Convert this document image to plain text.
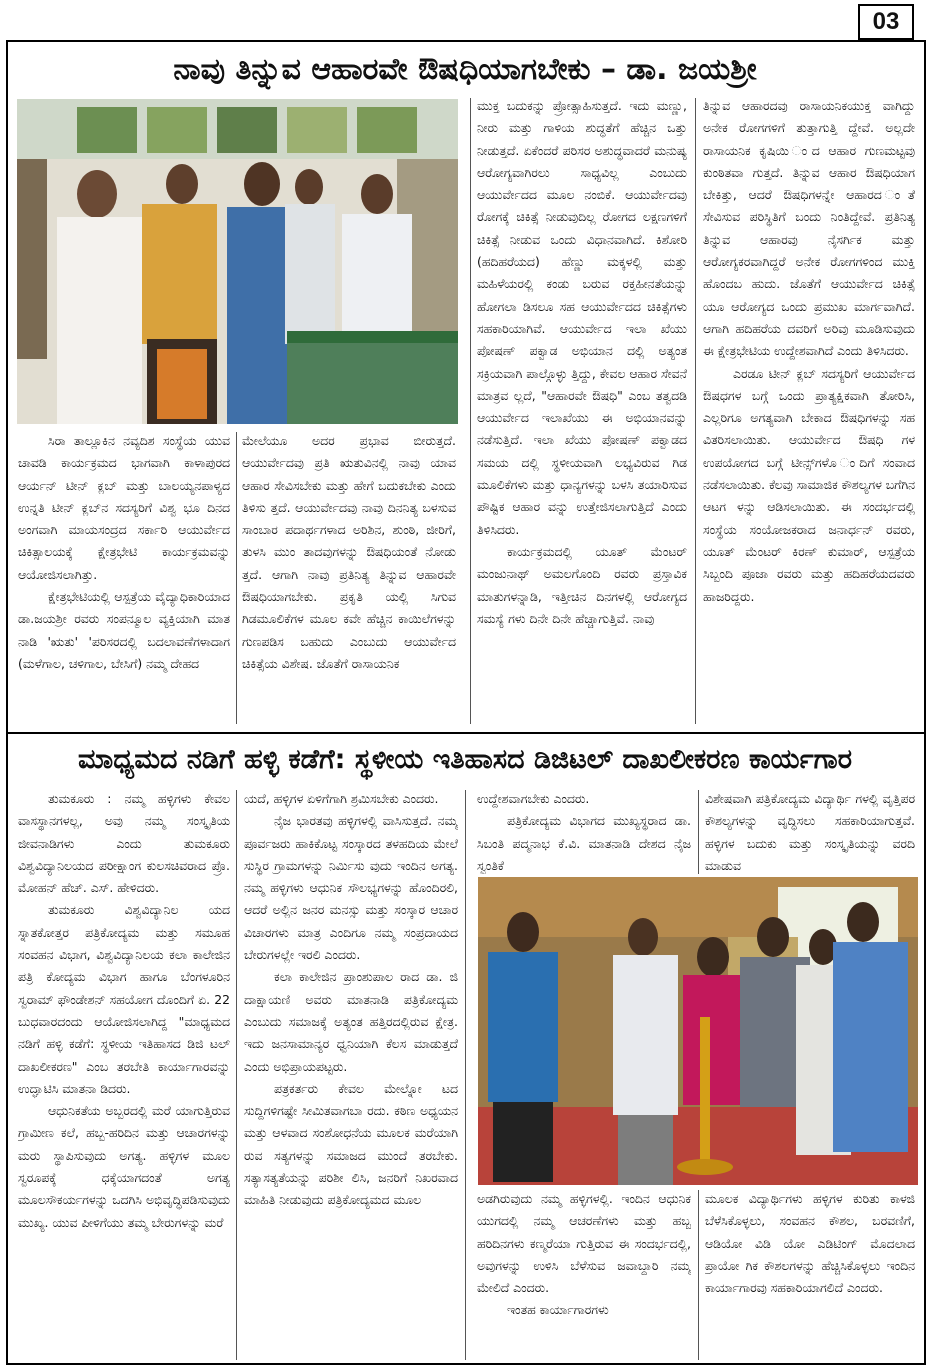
03
ನಾವು ತಿನ್ನುವ ಆಹಾರವೇ ಔಷಧಿಯಾಗಬೇಕು – ಡಾ. ಜಯಶ್ರೀ

ಸಿರಾ ತಾಲ್ಲೂಕಿನ ನವ್ಯದಿಶ ಸಂಸ್ಥೆಯ ಯುವ ಚಾವಡಿ ಕಾರ್ಯಕ್ರಮದ ಭಾಗವಾಗಿ ಕಾಳಾಪುರದ ಆರ್ಯನ್ ಟೀನ್ ಕ್ಲಬ್ ಮತ್ತು ಬಾಲಯ್ಯನಪಾಳ್ಯದ ಉನ್ನತಿ ಟೀನ್ ಕ್ಲಬ್‌ನ ಸದಸ್ಯರಿಗೆ ವಿಶ್ವ ಭೂ ದಿನದ ಅಂಗವಾಗಿ ಮಾಯಸಂದ್ರದ ಸರ್ಕಾರಿ ಆಯುರ್ವೇದ ಚಿಕಿತ್ಸಾಲಯಕ್ಕೆ ಕ್ಷೇತ್ರಭೇಟಿ ಕಾರ್ಯಕ್ರಮವನ್ನು ಆಯೋಜಿಸಲಾಗಿತ್ತು.

ಕ್ಷೇತ್ರಭೇಟಿಯಲ್ಲಿ ಆಸ್ಪತ್ರೆಯ ವೈದ್ಯಾಧಿಕಾರಿಯಾದ ಡಾ.ಜಯಶ್ರೀ ರವರು ಸಂಪನ್ಮೂಲ ವ್ಯಕ್ತಿಯಾಗಿ ಮಾತ ನಾಡಿ 'ಋತು' 'ಪರಿಸರದಲ್ಲಿ ಬದಲಾವಣೆಗಳಾದಾಗ (ಮಳೆಗಾಲ, ಚಳಿಗಾಲ, ಬೇಸಿಗೆ) ನಮ್ಮ ದೇಹದ

ಮೇಲೆಯೂ ಅದರ ಪ್ರಭಾವ ಬೀರುತ್ತದೆ. ಆಯುರ್ವೇದವು ಪ್ರತಿ ಋತುವಿನಲ್ಲಿ ನಾವು ಯಾವ ಆಹಾರ ಸೇವಿಸಬೇಕು ಮತ್ತು ಹೇಗೆ ಬದುಕಬೇಕು ಎಂದು ತಿಳಿಸು ತ್ತದೆ. ಆಯುರ್ವೇದವು ನಾವು ದಿನನಿತ್ಯ ಬಳಸುವ ಸಾಂಬಾರ ಪದಾರ್ಥಗಳಾದ ಅರಿಶಿನ, ಶುಂಠಿ, ಜೀರಿಗೆ, ತುಳಸಿ ಮುಂ ತಾದವುಗಳನ್ನು ಔಷಧಿಯಂತೆ ನೋಡು ತ್ತದೆ. ಆಗಾಗಿ ನಾವು ಪ್ರತಿನಿತ್ಯ ತಿನ್ನುವ ಆಹಾರವೇ ಔಷಧಿಯಾಗಬೇಕು. ಪ್ರಕೃತಿ ಯಲ್ಲಿ ಸಿಗುವ ಗಿಡಮೂಲಿಕೆಗಳ ಮೂಲ ಕವೇ ಹೆಚ್ಚಿನ ಕಾಯಿಲೆಗಳನ್ನು ಗುಣಪಡಿಸ ಬಹುದು ಎಂಬುದು ಆಯುರ್ವೇದ ಚಿಕಿತ್ಸೆಯ ವಿಶೇಷ. ಜೊತೆಗೆ ರಾಸಾಯನಿಕ

ಮುಕ್ತ ಬದುಕನ್ನು ಪ್ರೋತ್ಸಾಹಿಸುತ್ತದೆ. ಇದು ಮಣ್ಣು, ನೀರು ಮತ್ತು ಗಾಳಿಯ ಶುದ್ಧತೆಗೆ ಹೆಚ್ಚಿನ ಒತ್ತು ನೀಡುತ್ತದೆ. ಏಕೆಂದರೆ ಪರಿಸರ ಅಶುದ್ಧವಾದರೆ ಮನುಷ್ಯ ಆರೋಗ್ಯವಾಗಿರಲು ಸಾಧ್ಯವಿಲ್ಲ ಎಂಬುದು ಆಯುರ್ವೇದದ ಮೂಲ ನಂಬಿಕೆ. ಆಯುರ್ವೇದವು ರೋಗಕ್ಕೆ ಚಿಕಿತ್ಸೆ ನೀಡುವುದಿಲ್ಲ ರೋಗದ ಲಕ್ಷಣಗಳಿಗೆ ಚಿಕಿತ್ಸೆ ನೀಡುವ ಒಂದು ವಿಧಾನವಾಗಿದೆ. ಕಿಶೋರಿ (ಹದಿಹರೆಯದ) ಹೆಣ್ಣು ಮಕ್ಕಳಲ್ಲಿ ಮತ್ತು ಮಹಿಳೆಯರಲ್ಲಿ ಕಂಡು ಬರುವ ರಕ್ತಹೀನತೆಯನ್ನು ಹೋಗಲಾ ಡಿಸಲೂ ಸಹ ಆಯುರ್ವೇದದ ಚಿಕಿತ್ಸೆಗಳು ಸಹಕಾರಿಯಾಗಿವೆ. ಆಯುರ್ವೇದ ಇಲಾ ಖೆಯು ಪೋಷಣ್ ಪಕ್ವಾಡ ಅಭಿಯಾನ ದಲ್ಲಿ ಅತ್ಯಂತ ಸಕ್ರಿಯವಾಗಿ ಪಾಲ್ಗೊಳ್ಳು ತ್ತಿದ್ದು, ಕೇವಲ ಆಹಾರ ಸೇವನೆ ಮಾತ್ರವ ಲ್ಲದೆ, "ಆಹಾರವೇ ಔಷಧಿ" ಎಂಬ ತತ್ವದಡಿ ಆಯುರ್ವೇದ ಇಲಾಖೆಯು ಈ ಅಭಿಯಾನವನ್ನು ನಡೆಸುತ್ತಿದೆ. ಇಲಾ ಖೆಯು ಪೋಷಣ್ ಪಕ್ವಾಡದ ಸಮಯ ದಲ್ಲಿ ಸ್ಥಳೀಯವಾಗಿ ಲಭ್ಯವಿರುವ ಗಿಡ ಮೂಲಿಕೆಗಳು ಮತ್ತು ಧಾನ್ಯಗಳನ್ನು ಬಳಸಿ ತಯಾರಿಸುವ ಪೌಷ್ಟಿಕ ಆಹಾರ ವನ್ನು ಉತ್ತೇಜಿಸಲಾಗುತ್ತಿದೆ ಎಂದು ತಿಳಿಸಿದರು.

ಕಾರ್ಯಕ್ರಮದಲ್ಲಿ ಯೂತ್ ಮೆಂಟರ್ ಮಂಜುನಾಥ್ ಅಮಲಗೊಂದಿ ರವರು ಪ್ರಸ್ತಾವಿಕ ಮಾತುಗಳನ್ನಾಡಿ, ಇತ್ತೀಚಿನ ದಿನಗಳಲ್ಲಿ ಆರೋಗ್ಯದ ಸಮಸ್ಯೆ ಗಳು ದಿನೇ ದಿನೇ ಹೆಚ್ಚಾಗುತ್ತಿವೆ. ನಾವು

ತಿನ್ನುವ ಆಹಾರದವು ರಾಸಾಯನಿಕಯುಕ್ತ ವಾಗಿದ್ದು ಅನೇಕ ರೋಗಗಳಿಗೆ ತುತ್ತಾಗುತ್ತಿ ದ್ದೇವೆ. ಅಲ್ಲದೇ ರಾಸಾಯನಿಕ ಕೃಷಿಯಿ ಂದ ಆಹಾರ ಗುಣಮಟ್ಟವು ಕುಂಠಿತವಾ ಗುತ್ತದೆ. ತಿನ್ನುವ ಆಹಾರ ಔಷಧಿಯಾಗ ಬೇಕಿತ್ತು, ಆದರೆ ಔಷಧಿಗಳನ್ನೇ ಆಹಾರದ ಂತೆ ಸೇವಿಸುವ ಪರಿಸ್ಥಿತಿಗೆ ಬಂದು ನಿಂತಿದ್ದೇವೆ. ಪ್ರತಿನಿತ್ಯ ತಿನ್ನುವ ಆಹಾರವು ನೈಸರ್ಗಿಕ ಮತ್ತು ಆರೋಗ್ಯಕರವಾಗಿದ್ದರೆ ಅನೇಕ ರೋಗಗಳಿಂದ ಮುಕ್ತಿ ಹೊಂದಬ ಹುದು. ಜೊತೆಗೆ ಆಯುರ್ವೇದ ಚಿಕಿತ್ಸೆ ಯೂ ಆರೋಗ್ಯದ ಒಂದು ಪ್ರಮುಖ ಮಾರ್ಗವಾಗಿದೆ. ಆಗಾಗಿ ಹದಿಹರೆಯ ದವರಿಗೆ ಅರಿವು ಮೂಡಿಸುವುದು ಈ ಕ್ಷೇತ್ರಭೇಟಿಯ ಉದ್ದೇಶವಾಗಿದೆ ಎಂದು ತಿಳಿಸಿದರು.

ಎರಡೂ ಟೀನ್ ಕ್ಲಬ್ ಸದಸ್ಯರಿಗೆ ಆಯುರ್ವೇದ ಔಷಧಗಳ ಬಗ್ಗೆ ಒಂದು ಪ್ರಾತ್ಯಕ್ಷಿಕವಾಗಿ ತೋರಿಸಿ, ಎಲ್ಲರಿಗೂ ಅಗತ್ಯವಾಗಿ ಬೇಕಾದ ಔಷಧಿಗಳನ್ನು ಸಹ ವಿತರಿಸಲಾಯಿತು. ಆಯುರ್ವೇದ ಔಷಧಿ ಗಳ ಉಪಯೋಗದ ಬಗ್ಗೆ ಟೀನ್ಸ್‌ಗಳೊ ಂದಿಗೆ ಸಂವಾದ ನಡೆಸಲಾಯಿತು. ಕೆಲವು ಸಾಮಾಜಿಕ ಕೌಶಲ್ಯಗಳ ಬಗೆಗಿನ ಆಟಗ ಳನ್ನು ಆಡಿಸಲಾಯಿತು. ಈ ಸಂದರ್ಭದಲ್ಲಿ ಸಂಸ್ಥೆಯ ಸಂಯೋಜಕರಾದ ಜನಾರ್ಧನ್ ರವರು, ಯೂತ್ ಮೆಂಟರ್ ಕಿರಣ್ ಕುಮಾರ್, ಆಸ್ಪತ್ರೆಯ ಸಿಬ್ಬಂದಿ ಪೂಜಾ ರವರು ಮತ್ತು ಹದಿಹರೆಯದವರು ಹಾಜರಿದ್ದರು.

ಮಾಧ್ಯಮದ ನಡಿಗೆ ಹಳ್ಳಿ ಕಡೆಗೆ: ಸ್ಥಳೀಯ ಇತಿಹಾಸದ ಡಿಜಿಟಲ್ ದಾಖಲೀಕರಣ ಕಾರ್ಯಗಾರ

ತುಮಕೂರು : ನಮ್ಮ ಹಳ್ಳಿಗಳು ಕೇವಲ ವಾಸಸ್ಥಾನಗಳಲ್ಲ, ಅವು ನಮ್ಮ ಸಂಸ್ಕೃತಿಯ ಜೀವನಾಡಿಗಳು ಎಂದು ತುಮಕೂರು ವಿಶ್ವವಿದ್ಯಾನಿಲಯದ ಪರೀಕ್ಷಾಂಗ ಕುಲಸಚಿವರಾದ ಪ್ರೊ. ಮೋಹನ್ ಹೆಚ್. ಎಸ್. ಹೇಳಿದರು.

ತುಮಕೂರು ವಿಶ್ವವಿದ್ಯಾನಿಲ ಯದ ಸ್ನಾತಕೋತ್ತರ ಪತ್ರಿಕೋದ್ಯಮ ಮತ್ತು ಸಮೂಹ ಸಂವಹನ ವಿಭಾಗ, ವಿಶ್ವವಿದ್ಯಾನಿಲಯ ಕಲಾ ಕಾಲೇಜಿನ ಪತ್ರಿ ಕೋದ್ಯಮ ವಿಭಾಗ ಹಾಗೂ ಬೆಂಗಳೂರಿನ ಸ್ವರಾಮ್ ಫೌಂಡೇಶನ್ ಸಹಯೋಗ ದೊಂದಿಗೆ ಏ. 22 ಬುಧವಾರದಂದು ಆಯೋಜಿಸಲಾಗಿದ್ದ "ಮಾಧ್ಯಮದ ನಡಿಗೆ ಹಳ್ಳಿ ಕಡೆಗೆ: ಸ್ಥಳೀಯ ಇತಿಹಾಸದ ಡಿಜಿ ಟಲ್ ದಾಖಲೀಕರಣ" ಎಂಬ ತರಬೇತಿ ಕಾರ್ಯಾಗಾರವನ್ನು ಉದ್ಘಾಟಿಸಿ ಮಾತನಾ ಡಿದರು.

ಆಧುನಿಕತೆಯ ಅಬ್ಬರದಲ್ಲಿ ಮರೆ ಯಾಗುತ್ತಿರುವ ಗ್ರಾಮೀಣ ಕಲೆ, ಹಬ್ಬ-ಹರಿದಿನ ಮತ್ತು ಆಚಾರಗಳನ್ನು ಮರು ಸ್ಥಾಪಿಸುವುದು ಅಗತ್ಯ. ಹಳ್ಳಿಗಳ ಮೂಲ ಸ್ವರೂಪಕ್ಕೆ ಧಕ್ಕೆಯಾಗದಂತೆ ಅಗತ್ಯ ಮೂಲಸೌಕರ್ಯಗಳನ್ನು ಒದಗಿಸಿ ಅಭಿವೃದ್ಧಿಪಡಿಸುವುದು ಮುಖ್ಯ. ಯುವ ಪೀಳಿಗೆಯು ತಮ್ಮ ಬೇರುಗಳನ್ನು ಮರೆ

ಯದೆ, ಹಳ್ಳಿಗಳ ಏಳಿಗೆಗಾಗಿ ಶ್ರಮಿಸಬೇಕು ಎಂದರು.

ನೈಜ ಭಾರತವು ಹಳ್ಳಿಗಳಲ್ಲಿ ವಾಸಿಸುತ್ತದೆ. ನಮ್ಮ ಪೂರ್ವಜರು ಹಾಕಿಕೊಟ್ಟ ಸಂಸ್ಕಾರದ ತಳಹದಿಯ ಮೇಲೆ ಸುಸ್ಥಿರ ಗ್ರಾಮಗಳನ್ನು ನಿರ್ಮಿಸು ವುದು ಇಂದಿನ ಅಗತ್ಯ. ನಮ್ಮ ಹಳ್ಳಿಗಳು ಆಧುನಿಕ ಸೌಲಭ್ಯಗಳನ್ನು ಹೊಂದಿರಲಿ, ಆದರೆ ಅಲ್ಲಿನ ಜನರ ಮನಸ್ಸು ಮತ್ತು ಸಂಸ್ಕಾರ ಆಚಾರ ವಿಚಾರಗಳು ಮಾತ್ರ ಎಂದಿಗೂ ನಮ್ಮ ಸಂಪ್ರದಾಯದ ಬೇರುಗಳಲ್ಲೇ ಇರಲಿ ಎಂದರು.

ಕಲಾ ಕಾಲೇಜಿನ ಪ್ರಾಂಶುಪಾಲ ರಾದ ಡಾ. ಜಿ ದಾಕ್ಷಾಯಣಿ ಅವರು ಮಾತನಾಡಿ ಪತ್ರಿಕೋದ್ಯಮ ಎಂಬುದು ಸಮಾಜಕ್ಕೆ ಅತ್ಯಂತ ಹತ್ತಿರದಲ್ಲಿರುವ ಕ್ಷೇತ್ರ. ಇದು ಜನಸಾಮಾನ್ಯರ ಧ್ವನಿಯಾಗಿ ಕೆಲಸ ಮಾಡುತ್ತದೆ ಎಂದು ಅಭಿಪ್ರಾಯಪಟ್ಟರು.

ಪತ್ರಕರ್ತರು ಕೇವಲ ಮೇಲ್ನೋ ಟದ ಸುದ್ದಿಗಳಿಗಷ್ಟೇ ಸೀಮಿತವಾಗಬಾ ರದು. ಕಠಿಣ ಅಧ್ಯಯನ ಮತ್ತು ಆಳವಾದ ಸಂಶೋಧನೆಯ ಮೂಲಕ ಮರೆಯಾಗಿ ರುವ ಸತ್ಯಗಳನ್ನು ಸಮಾಜದ ಮುಂದೆ ತರಬೇಕು. ಸತ್ಯಾಸತ್ಯತೆಯನ್ನು ಪರಿಶೀ ಲಿಸಿ, ಜನರಿಗೆ ನಿಖರವಾದ ಮಾಹಿತಿ ನೀಡುವುದು ಪತ್ರಿಕೋದ್ಯಮದ ಮೂಲ

ಉದ್ದೇಶವಾಗಬೇಕು ಎಂದರು.

ಪತ್ರಿಕೋದ್ಯಮ ವಿಭಾಗದ ಮುಖ್ಯಸ್ಥರಾದ ಡಾ. ಸಿಬಂತಿ ಪದ್ಮನಾಭ ಕೆ.ವಿ. ಮಾತನಾಡಿ ದೇಶದ ನೈಜ ಸ್ವಂತಿಕೆ

ವಿಶೇಷವಾಗಿ ಪತ್ರಿಕೋದ್ಯಮ ವಿದ್ಯಾರ್ಥಿ ಗಳಲ್ಲಿ ವೃತ್ತಿಪರ ಕೌಶಲ್ಯಗಳನ್ನು ವೃದ್ಧಿಸಲು ಸಹಕಾರಿಯಾಗುತ್ತವೆ. ಹಳ್ಳಿಗಳ ಬದುಕು ಮತ್ತು ಸಂಸ್ಕೃತಿಯನ್ನು ವರದಿ ಮಾಡುವ

ಅಡಗಿರುವುದು ನಮ್ಮ ಹಳ್ಳಿಗಳಲ್ಲಿ. ಇಂದಿನ ಆಧುನಿಕ ಯುಗದಲ್ಲಿ ನಮ್ಮ ಆಚರಣೆಗಳು ಮತ್ತು ಹಬ್ಬ ಹರಿದಿನಗಳು ಕಣ್ಮರೆಯಾ ಗುತ್ತಿರುವ ಈ ಸಂದರ್ಭದಲ್ಲಿ, ಅವುಗಳನ್ನು ಉಳಿಸಿ ಬೆಳೆಸುವ ಜವಾಬ್ದಾರಿ ನಮ್ಮ ಮೇಲಿದೆ ಎಂದರು.

ಇಂತಹ ಕಾರ್ಯಾಗಾರಗಳು

ಮೂಲಕ ವಿದ್ಯಾರ್ಥಿಗಳು ಹಳ್ಳಿಗಳ ಕುರಿತು ಕಾಳಜಿ ಬೆಳೆಸಿಕೊಳ್ಳಲು, ಸಂವಹನ ಕೌಶಲ, ಬರವಣಿಗೆ, ಆಡಿಯೋ ವಿಡಿ ಯೋ ಎಡಿಟಿಂಗ್ ಮೊದಲಾದ ಪ್ರಾಯೋ ಗಿಕ ಕೌಶಲಗಳನ್ನು ಹೆಚ್ಚಿಸಿಕೊಳ್ಳಲು ಇಂದಿನ ಕಾರ್ಯಾಗಾರವು ಸಹಕಾರಿಯಾಗಲಿದೆ ಎಂದರು.
